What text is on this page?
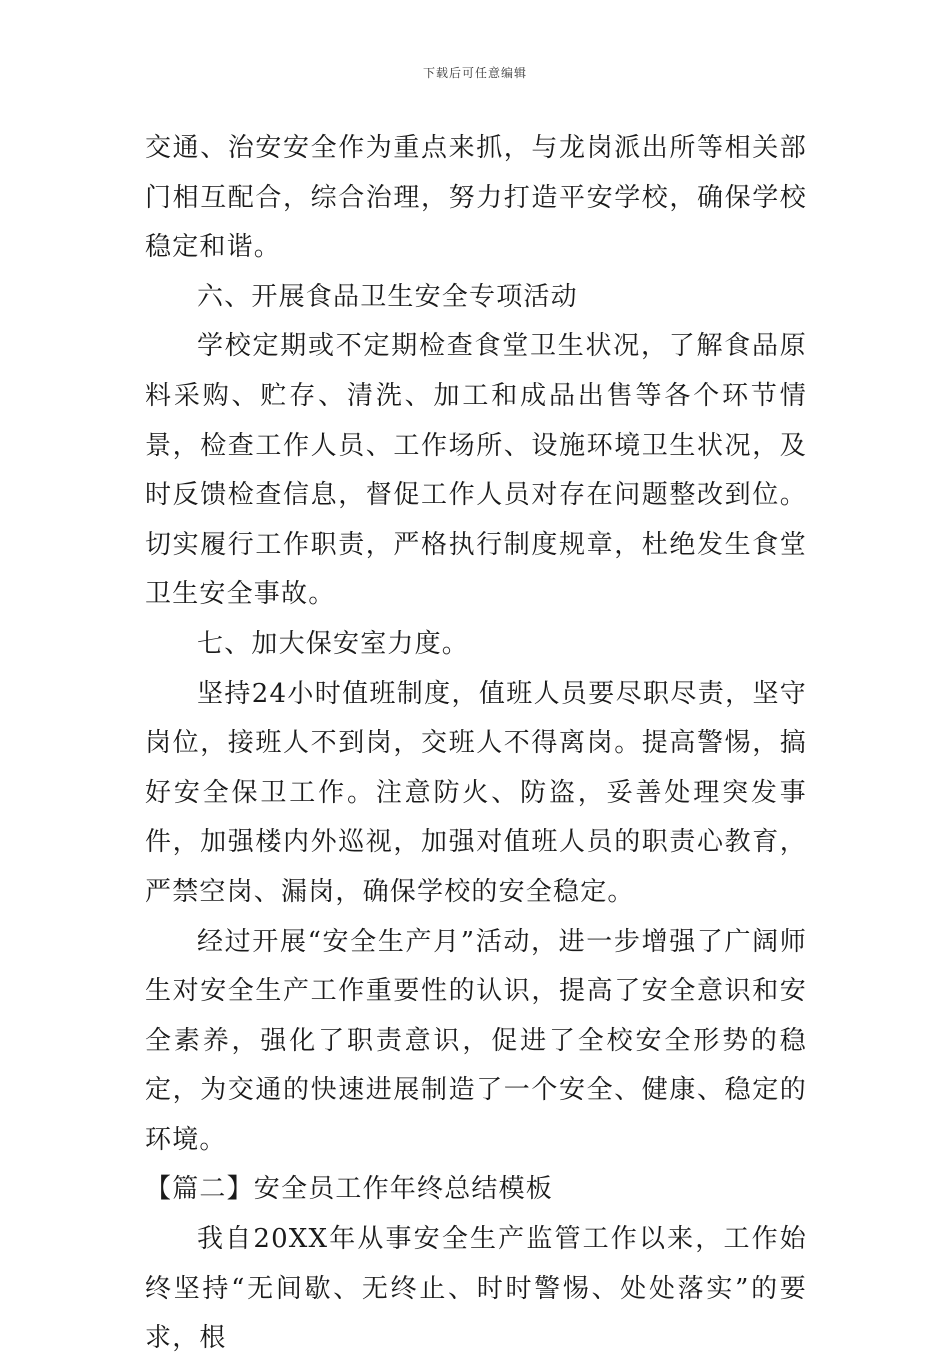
下载后可任意编辑

交通、治安安全作为重点来抓，与龙岗派出所等相关部门相互配合，综合治理，努力打造平安学校，确保学校稳定和谐。

六、开展食品卫生安全专项活动

学校定期或不定期检查食堂卫生状况，了解食品原料采购、贮存、清洗、加工和成品出售等各个环节情景，检查工作人员、工作场所、设施环境卫生状况，及时反馈检查信息，督促工作人员对存在问题整改到位。切实履行工作职责，严格执行制度规章，杜绝发生食堂卫生安全事故。

七、加大保安室力度。

坚持24小时值班制度，值班人员要尽职尽责，坚守岗位，接班人不到岗，交班人不得离岗。提高警惕，搞好安全保卫工作。注意防火、防盗，妥善处理突发事件，加强楼内外巡视，加强对值班人员的职责心教育，严禁空岗、漏岗，确保学校的安全稳定。

经过开展“安全生产月”活动，进一步增强了广阔师生对安全生产工作重要性的认识，提高了安全意识和安全素养，强化了职责意识，促进了全校安全形势的稳定，为交通的快速进展制造了一个安全、健康、稳定的环境。

【篇二】安全员工作年终总结模板

我自20XX年从事安全生产监管工作以来，工作始终坚持“无间歇、无终止、时时警惕、处处落实”的要求，根
